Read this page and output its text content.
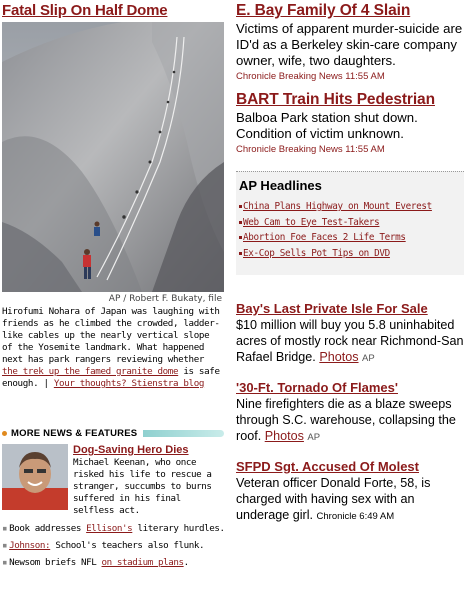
Fatal Slip On Half Dome
AP / Robert F. Bukaty, file
Hirofumi Nohara of Japan was laughing with friends as he climbed the crowded, ladder-like cables up the nearly vertical slope of the Yosemite landmark. What happened next has park rangers reviewing whether the trek up the famed granite dome is safe enough. | Your thoughts? Stienstra blog
MORE NEWS & FEATURES
Dog-Saving Hero Dies
Michael Keenan, who once risked his life to rescue a stranger, succumbs to burns suffered in his final selfless act.
▪ Book addresses Ellison's literary hurdles.
▪ Johnson: School's teachers also flunk.
▪ Newsom briefs NFL on stadium plans.
E. Bay Family Of 4 Slain
Victims of apparent murder-suicide are ID'd as a Berkeley skin-care company owner, wife, two daughters.
Chronicle Breaking News 11:55 AM
BART Train Hits Pedestrian
Balboa Park station shut down. Condition of victim unknown.
Chronicle Breaking News 11:55 AM
AP Headlines
China Plans Highway on Mount Everest
Web Cam to Eye Test-Takers
Abortion Foe Faces 2 Life Terms
Ex-Cop Sells Pot Tips on DVD
Bay's Last Private Isle For Sale
$10 million will buy you 5.8 uninhabited acres of mostly rock near Richmond-San Rafael Bridge. Photos AP
'30-Ft. Tornado Of Flames'
Nine firefighters die as a blaze sweeps through S.C. warehouse, collapsing the roof. Photos AP
SFPD Sgt. Accused Of Molest
Veteran officer Donald Forte, 58, is charged with having sex with an underage girl. Chronicle 6:49 AM
